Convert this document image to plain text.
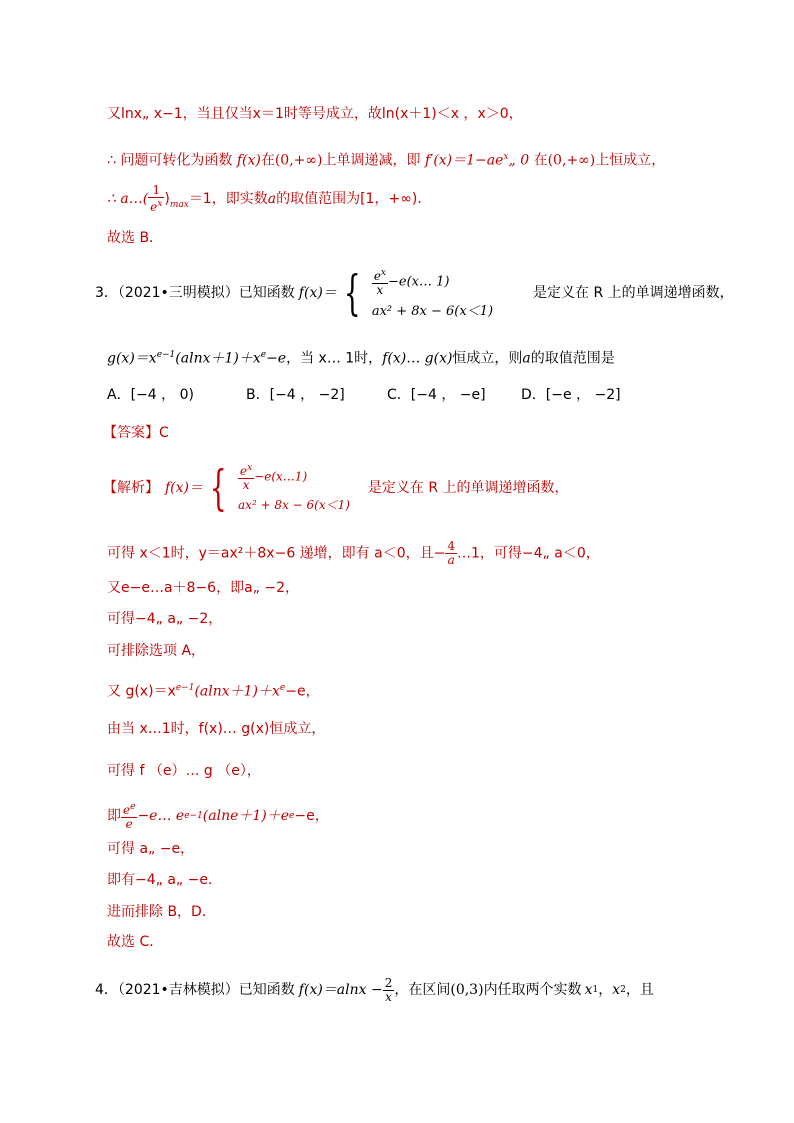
又lnx„ x−1，当且仅当x＝1时等号成立，故ln(x＋1)＜x ，x＞0，
∴ 问题可转化为函数 f(x)在(0,+∞)上单调递减，即 $f'(x)=1-ae^x„$ 0 在(0,+∞)上恒成立，
∴ a…( $\frac{1}{e^x} )_{max}=1$，即实数a的取值范围为[1，+∞)．
故选 B．
3．（2021•三明模拟）已知函数 f(x)＝ { $\frac{e^x}{x}$ −e(x… 1)
ax² + 8x − 6(x＜1)
是定义在 R 上的单调递增函数，
$g(x)=x^{e-1}(alnx+1)+x^e-e$，当 x… 1时，f(x)… g(x)恒成立，则a的取值范围是
A．[−4 ， 0)	B．[−4 ， −2]	C．[−4 ， −e]	D．[−e ， −2]
【答案】C
【解析】 f(x)＝ { $\frac{e^x}{x}$ −e(x…1)
ax² + 8x − 6(x＜1)
是定义在 R 上的单调递增函数，
可得 x＜1时，y＝ax²＋8x−6 递增，即有 a＜0，且− $\frac{4}{a}$ …1，可得−4„ a＜0，
又e−e…a＋8−6，即a„ −2，
可得−4„ a„ −2，
可排除选项 A，
又 $g(x)=x^{e-1}(alnx+1)+x^e-e$，
由当 x…1时，f(x)… g(x)恒成立，
可得 f （e）… g （e），
即 $\frac{e^e}{e}$ −e… e e−1 (alne＋1)＋e e −e，
可得 a„ −e，
即有−4„ a„ −e．
进而排除 B，D．
故选 C．
4．（2021•吉林模拟）已知函数 $f(x)=alnx - \frac{2}{x}$ ，在区间 (0,3) 内任取两个实数 x 1 ， x 2 ，且
